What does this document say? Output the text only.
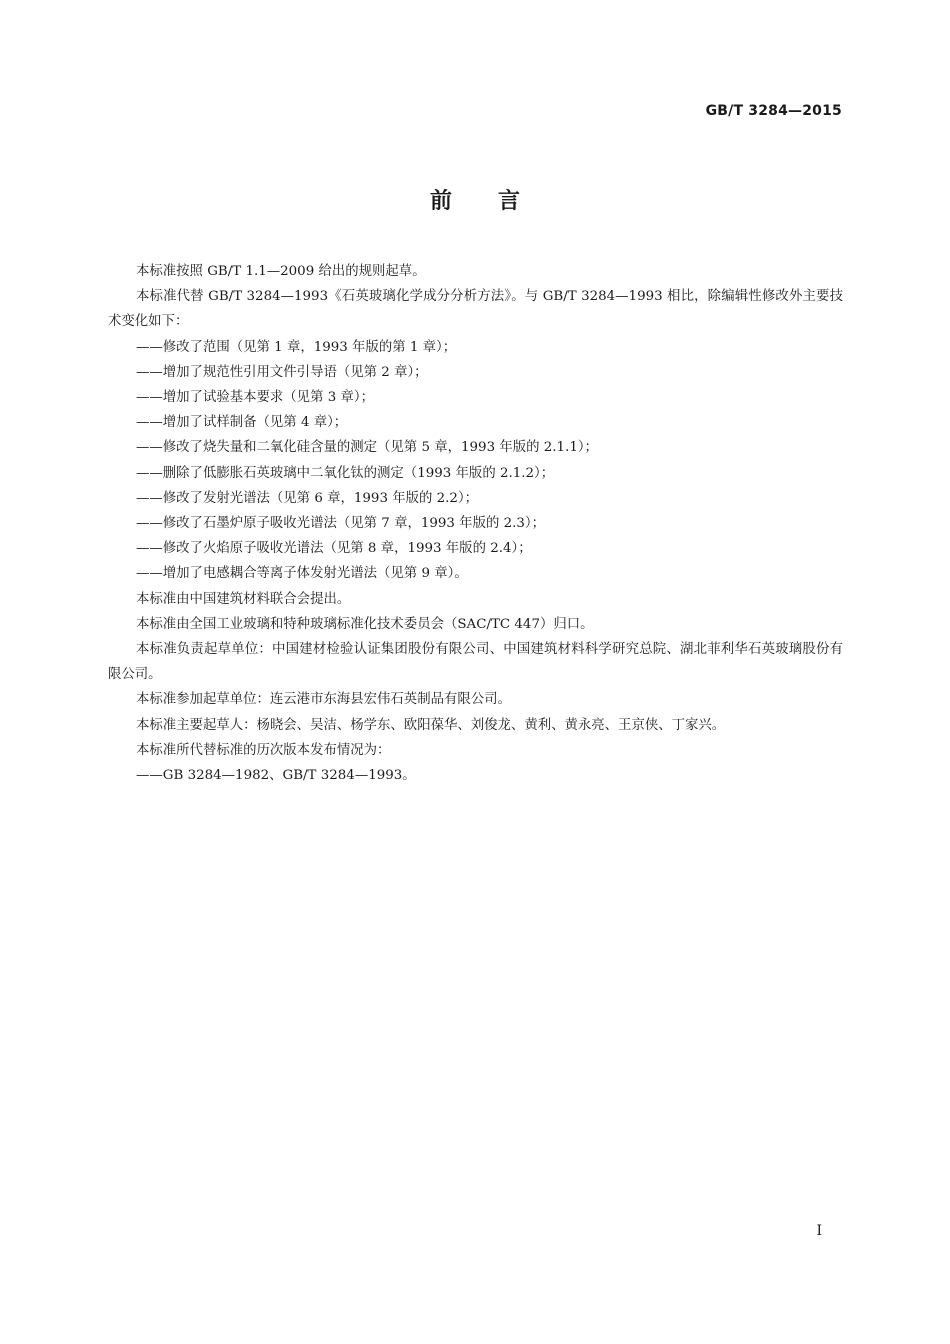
GB/T 3284—2015
前 言

本标准按照 GB/T 1.1—2009 给出的规则起草。

本标准代替 GB/T 3284—1993《石英玻璃化学成分分析方法》。与 GB/T 3284—1993 相比，除编辑性修改外主要技术变化如下：

——修改了范围（见第 1 章，1993 年版的第 1 章）；

——增加了规范性引用文件引导语（见第 2 章）；

——增加了试验基本要求（见第 3 章）；

——增加了试样制备（见第 4 章）；

——修改了烧失量和二氧化硅含量的测定（见第 5 章，1993 年版的 2.1.1）；

——删除了低膨胀石英玻璃中二氧化钛的测定（1993 年版的 2.1.2）；

——修改了发射光谱法（见第 6 章，1993 年版的 2.2）；

——修改了石墨炉原子吸收光谱法（见第 7 章，1993 年版的 2.3）；

——修改了火焰原子吸收光谱法（见第 8 章，1993 年版的 2.4）；

——增加了电感耦合等离子体发射光谱法（见第 9 章）。

本标准由中国建筑材料联合会提出。

本标准由全国工业玻璃和特种玻璃标准化技术委员会（SAC/TC 447）归口。

本标准负责起草单位：中国建材检验认证集团股份有限公司、中国建筑材料科学研究总院、湖北菲利华石英玻璃股份有限公司。

本标准参加起草单位：连云港市东海县宏伟石英制品有限公司。

本标准主要起草人：杨晓会、吴洁、杨学东、欧阳葆华、刘俊龙、黄利、黄永亮、王京侠、丁家兴。

本标准所代替标准的历次版本发布情况为：

——GB 3284—1982、GB/T 3284—1993。

I
